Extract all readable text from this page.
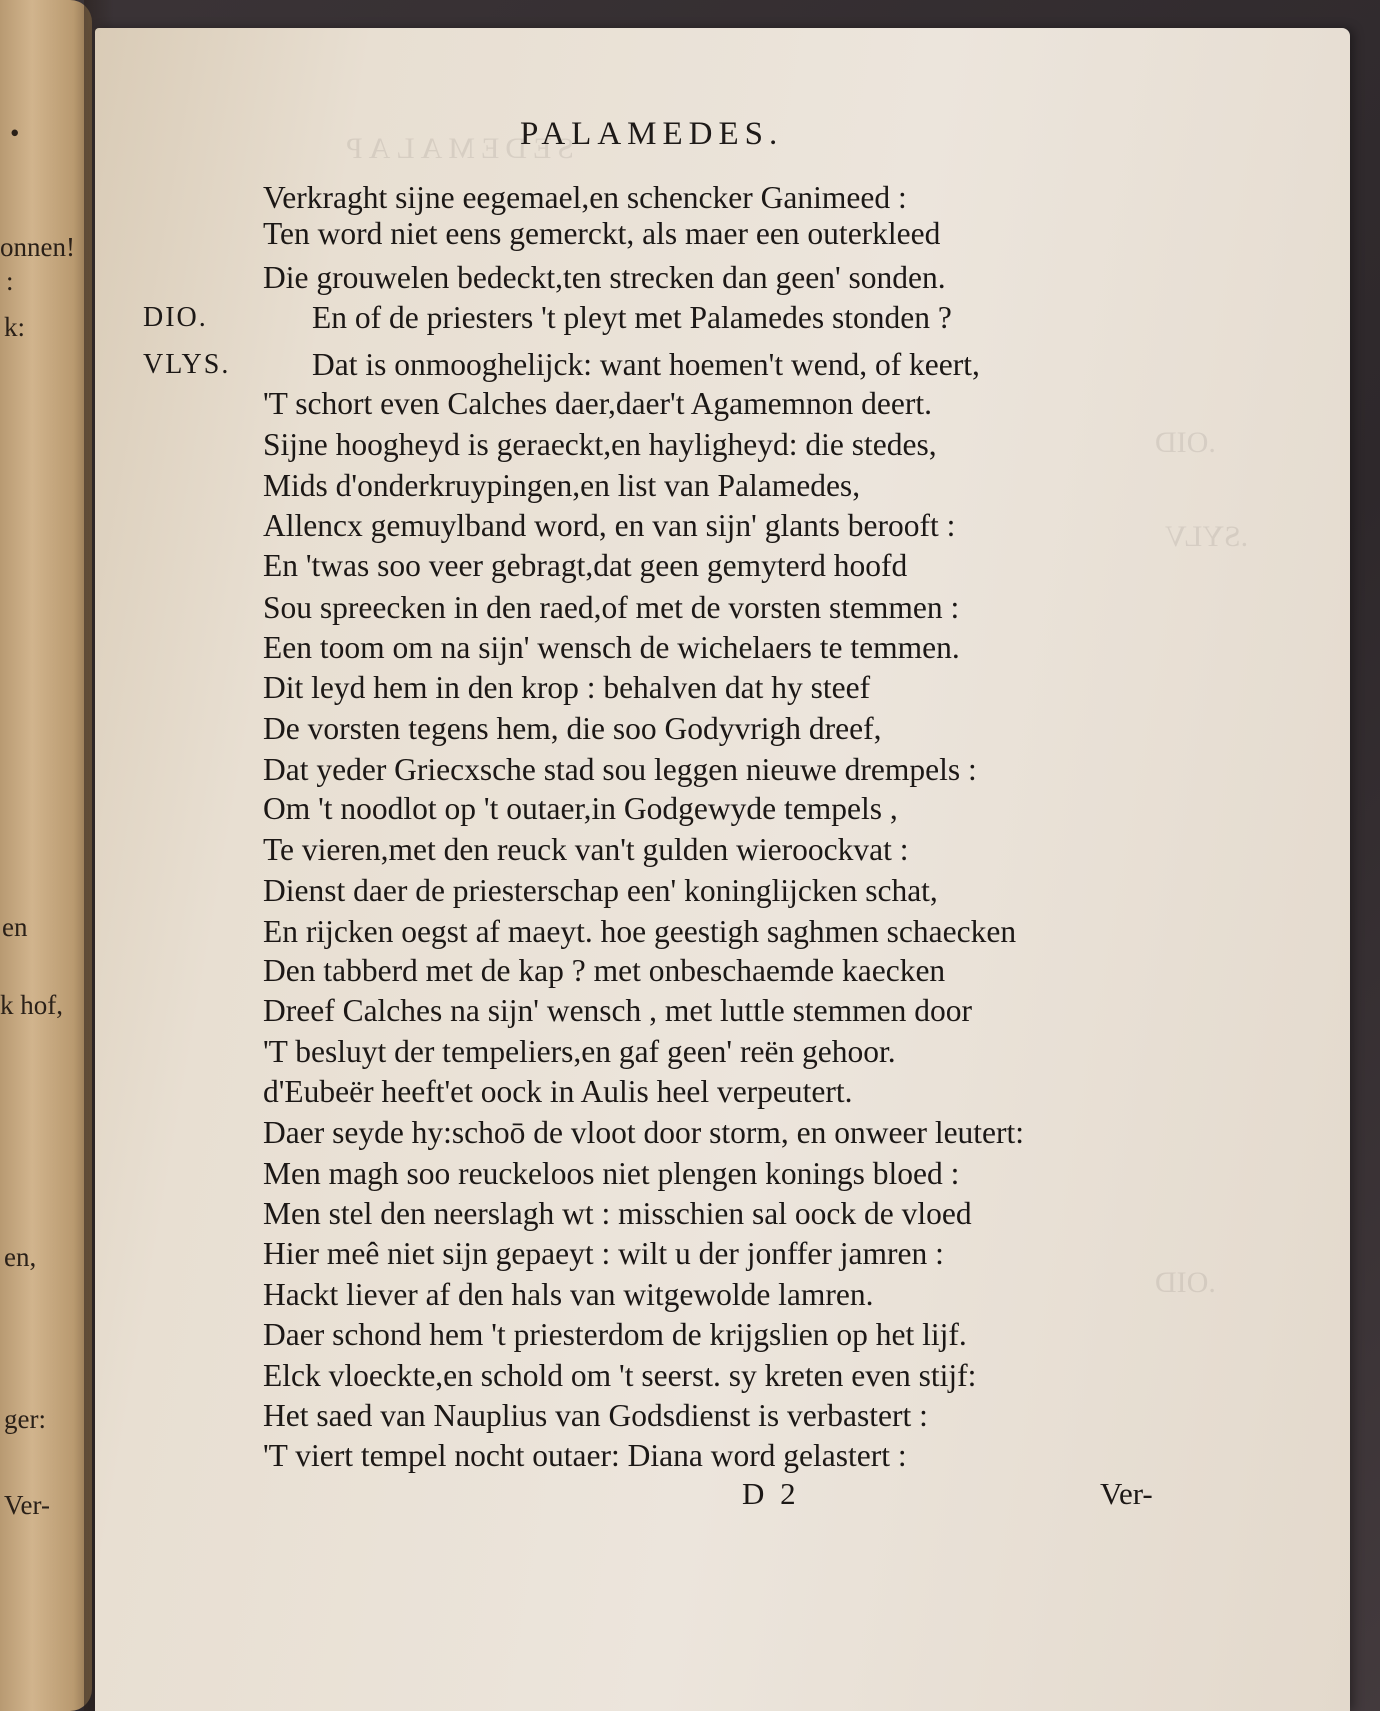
•
onnen!
:
k:
en
k hof,
en,
ger:
Ver-
SEDEMALAP
.OID
.SYLV
.OID
PALAMEDES.
DIO.
VLYS.
Verkraght sijne eegemael,en schencker Ganimeed :
Ten word niet eens gemerckt, als maer een outerkleed
Die grouwelen bedeckt,ten strecken dan geen' sonden.
En of de priesters 't pleyt met Palamedes stonden ?
Dat is onmooghelijck: want hoemen't wend, of keert,
'T schort even Calches daer,daer't Agamemnon deert.
Sijne hoogheyd is geraeckt,en hayligheyd: die stedes,
Mids d'onderkruypingen,en list van Palamedes,
Allencx gemuylband word, en van sijn' glants berooft :
En 'twas soo veer gebragt,dat geen gemyterd hoofd
Sou spreecken in den raed,of met de vorsten stemmen :
Een toom om na sijn' wensch de wichelaers te temmen.
Dit leyd hem in den krop : behalven dat hy steef
De vorsten tegens hem, die soo Godyvrigh dreef,
Dat yeder Griecxsche stad sou leggen nieuwe drempels :
Om 't noodlot op 't outaer,in Godgewyde tempels ,
Te vieren,met den reuck van't gulden wieroockvat :
Dienst daer de priesterschap een' koninglijcken schat,
En rijcken oegst af maeyt. hoe geestigh saghmen schaecken
Den tabberd met de kap ? met onbeschaemde kaecken
Dreef Calches na sijn' wensch , met luttle stemmen door
'T besluyt der tempeliers,en gaf geen' reën gehoor.
d'Eubeër heeft'et oock in Aulis heel verpeutert.
Daer seyde hy:schoō de vloot door storm, en onweer leutert:
Men magh soo reuckeloos niet plengen konings bloed :
Men stel den neerslagh wt : misschien sal oock de vloed
Hier meê niet sijn gepaeyt : wilt u der jonffer jamren :
Hackt liever af den hals van witgewolde lamren.
Daer schond hem 't priesterdom de krijgslien op het lijf.
Elck vloeckte,en schold om 't seerst. sy kreten even stijf:
Het saed van Nauplius van Godsdienst is verbastert :
'T viert tempel nocht outaer: Diana word gelastert :
D 2	Ver-
